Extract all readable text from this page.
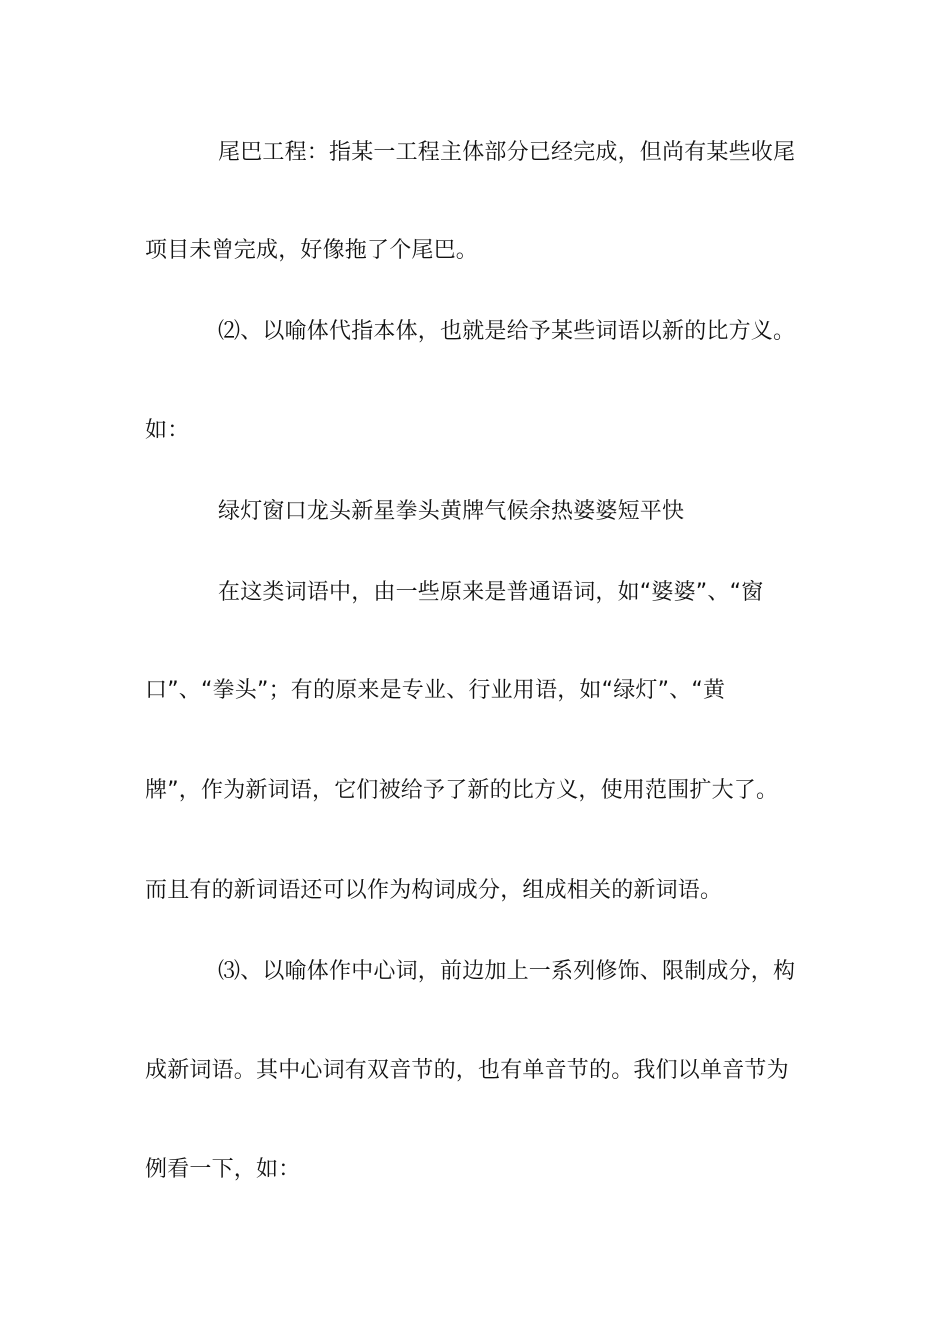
尾巴工程：指某一工程主体部分已经完成，但尚有某些收尾
项目未曾完成，好像拖了个尾巴。
⑵、以喻体代指本体，也就是给予某些词语以新的比方义。
如：
绿灯窗口龙头新星拳头黄牌气候余热婆婆短平快
在这类词语中，由一些原来是普通语词，如“婆婆”、“窗
口”、“拳头”；有的原来是专业、行业用语，如“绿灯”、“黄
牌”，作为新词语，它们被给予了新的比方义，使用范围扩大了。
而且有的新词语还可以作为构词成分，组成相关的新词语。
⑶、以喻体作中心词，前边加上一系列修饰、限制成分，构
成新词语。其中心词有双音节的，也有单音节的。我们以单音节为
例看一下，如：
